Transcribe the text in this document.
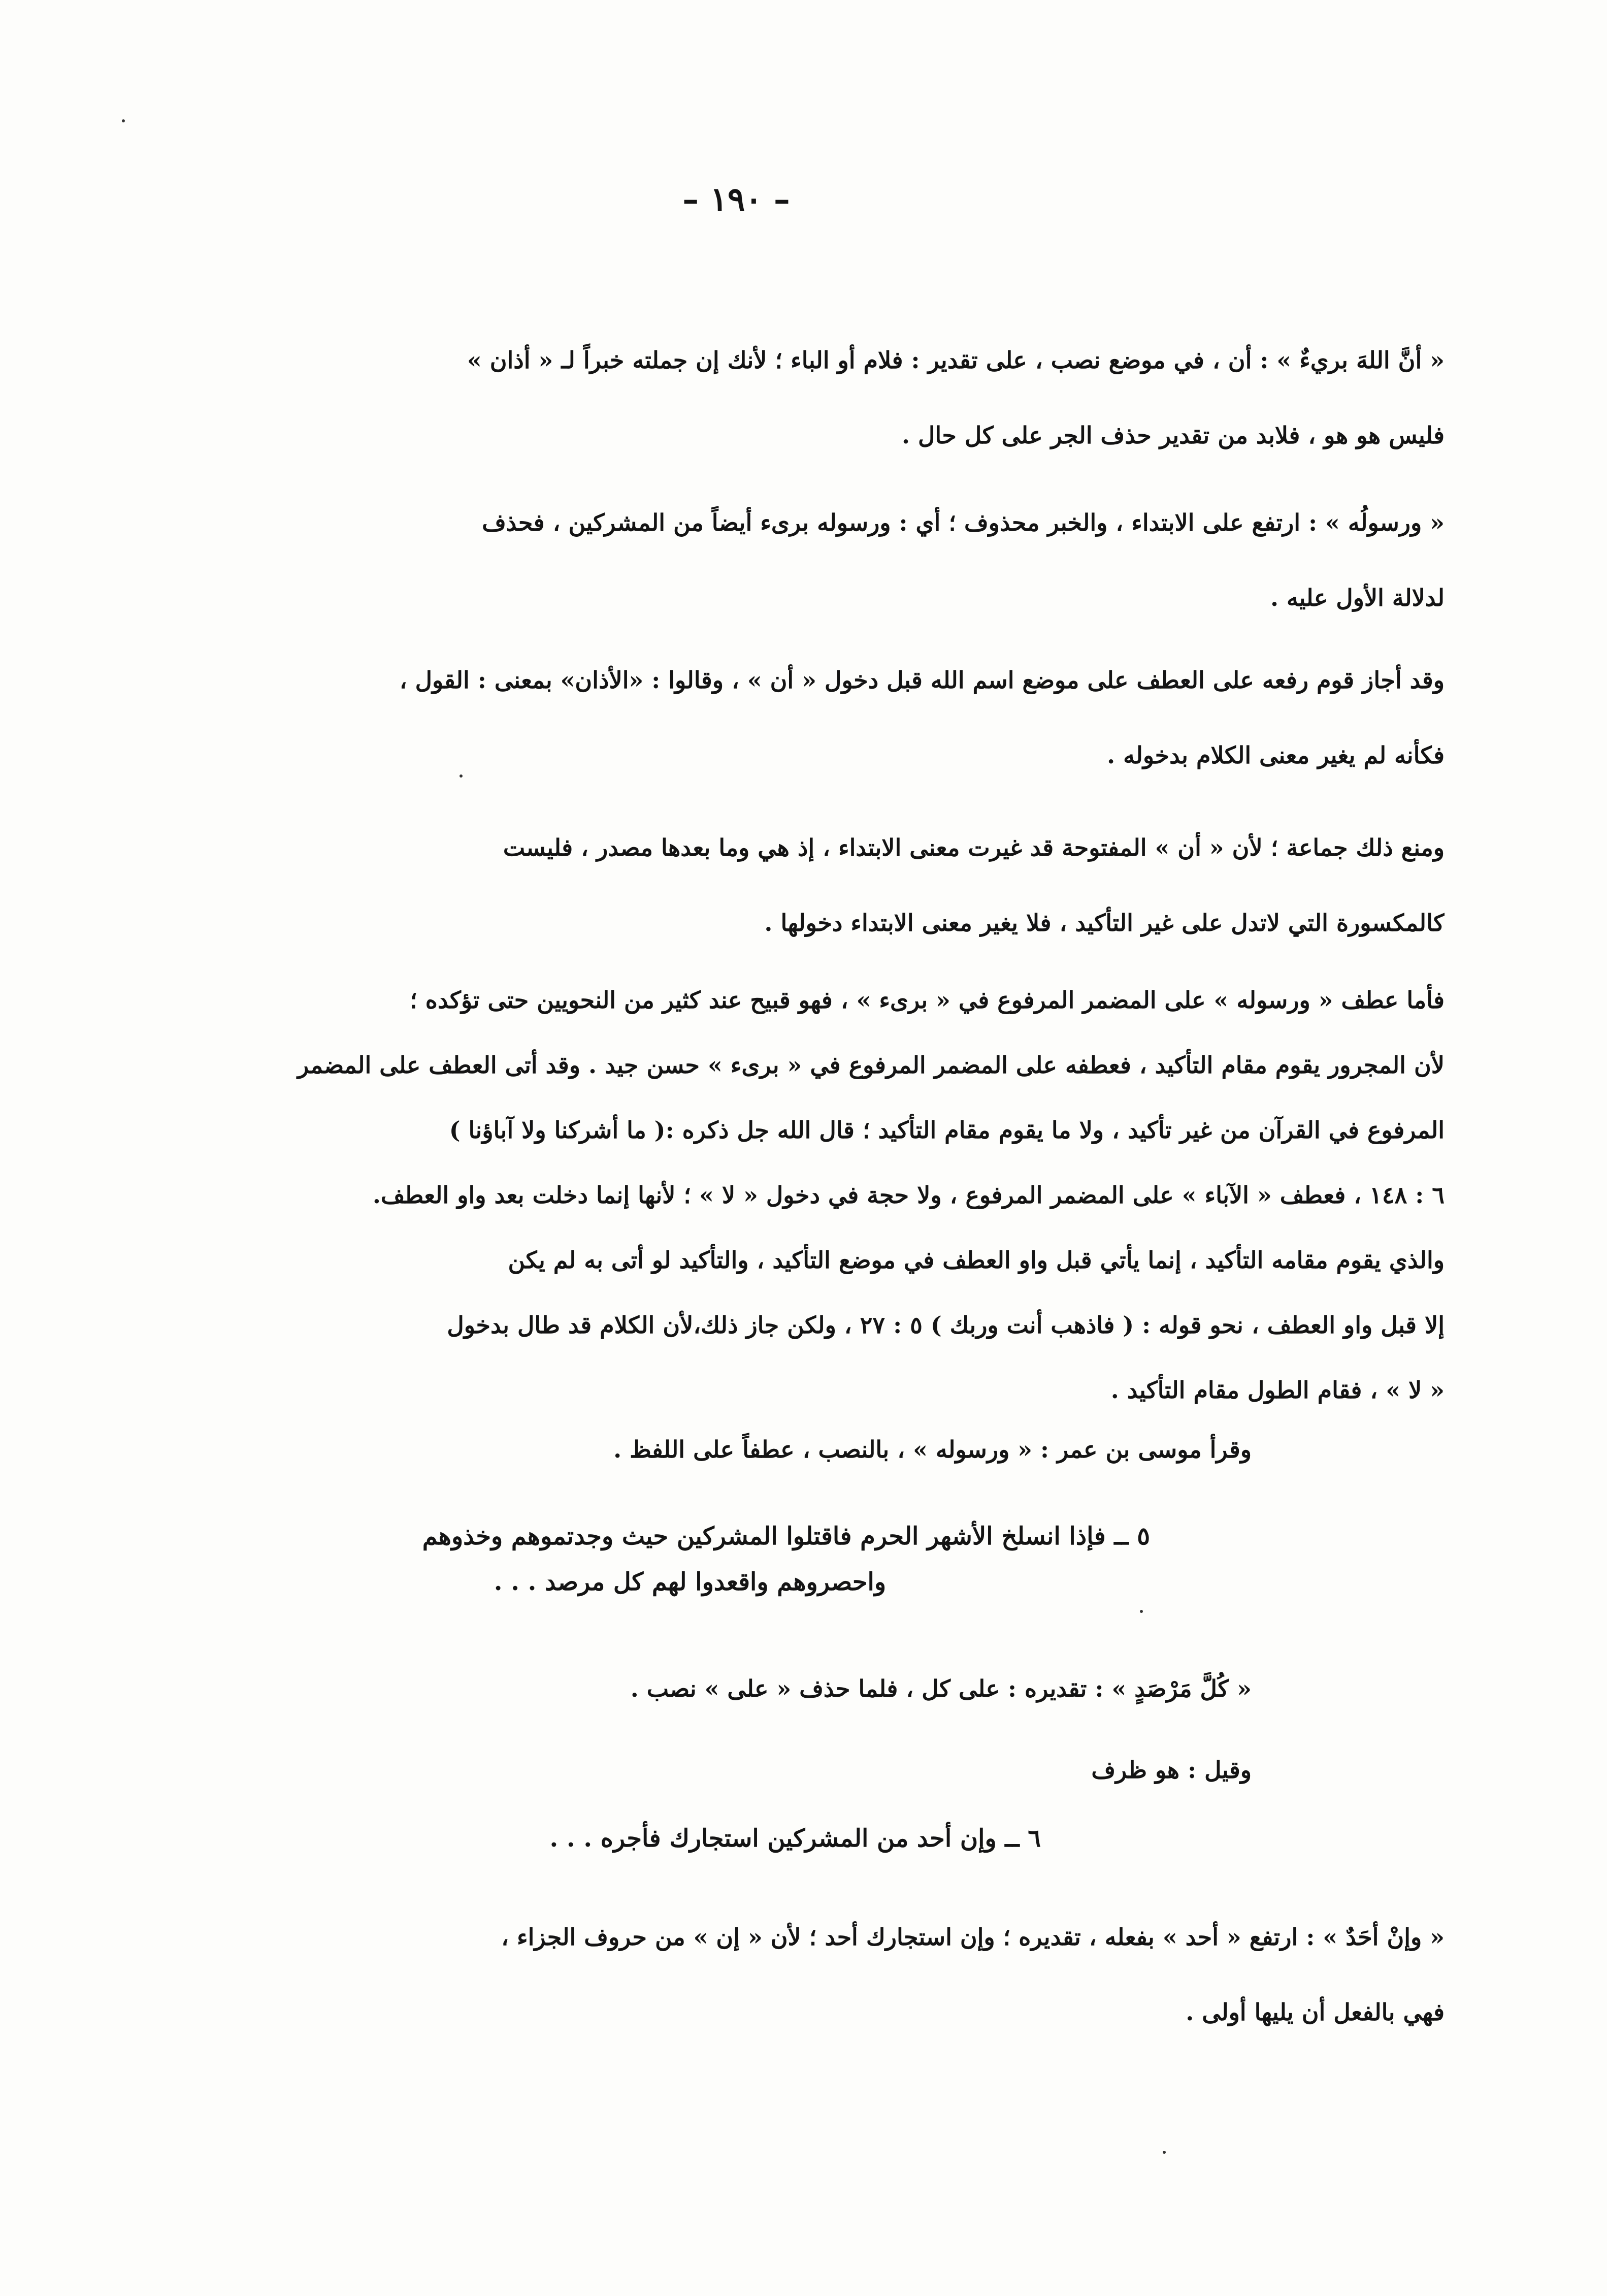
– ١٩٠ –
« أنَّ اللهَ بريءٌ » : أن ، في موضع نصب ، على تقدير : فلام أو الباء ؛ لأنك إن جملته خبراً لـ « أذان »
فليس هو هو ، فلابد من تقدير حذف الجر على كل حال .
« ورسولُه » : ارتفع على الابتداء ، والخبر محذوف ؛ أي : ورسوله برىء أيضاً من المشركين ، فحذف
لدلالة الأول عليه .
وقد أجاز قوم رفعه على العطف على موضع اسم الله قبل دخول « أن » ، وقالوا : «الأذان» بمعنى : القول ،
فكأنه لم يغير معنى الكلام بدخوله .
ومنع ذلك جماعة ؛ لأن « أن » المفتوحة قد غيرت معنى الابتداء ، إذ هي وما بعدها مصدر ، فليست
كالمكسورة التي لاتدل على غير التأكيد ، فلا يغير معنى الابتداء دخولها .
فأما عطف « ورسوله » على المضمر المرفوع في « برىء » ، فهو قبيح عند كثير من النحويين حتى تؤكده ؛
لأن المجرور يقوم مقام التأكيد ، فعطفه على المضمر المرفوع في « برىء » حسن جيد . وقد أتى العطف على المضمر
المرفوع في القرآن من غير تأكيد ، ولا ما يقوم مقام التأكيد ؛ قال الله جل ذكره :( ما أشركنا ولا آباؤنا )
٦ : ١٤٨ ، فعطف « الآباء » على المضمر المرفوع ، ولا حجة في دخول « لا » ؛ لأنها إنما دخلت بعد واو العطف.
والذي يقوم مقامه التأكيد ، إنما يأتي قبل واو العطف في موضع التأكيد ، والتأكيد لو أتى به لم يكن
إلا قبل واو العطف ، نحو قوله : ( فاذهب أنت وربك ) ٥ : ٢٧ ، ولكن جاز ذلك،لأن الكلام قد طال بدخول
« لا » ، فقام الطول مقام التأكيد .
وقرأ موسى بن عمر : « ورسوله » ، بالنصب ، عطفاً على اللفظ .
٥ ــ فإذا انسلخ الأشهر الحرم فاقتلوا المشركين حيث وجدتموهم وخذوهم
واحصروهم واقعدوا لهم كل مرصد . . .
« كُلَّ مَرْصَدٍ » : تقديره : على كل ، فلما حذف « على » نصب .
وقيل : هو ظرف
٦ ــ وإن أحد من المشركين استجارك فأجره . . .
« وإنْ أحَدٌ » : ارتفع « أحد » بفعله ، تقديره ؛ وإن استجارك أحد ؛ لأن « إن » من حروف الجزاء ،
فهي بالفعل أن يليها أولى .
